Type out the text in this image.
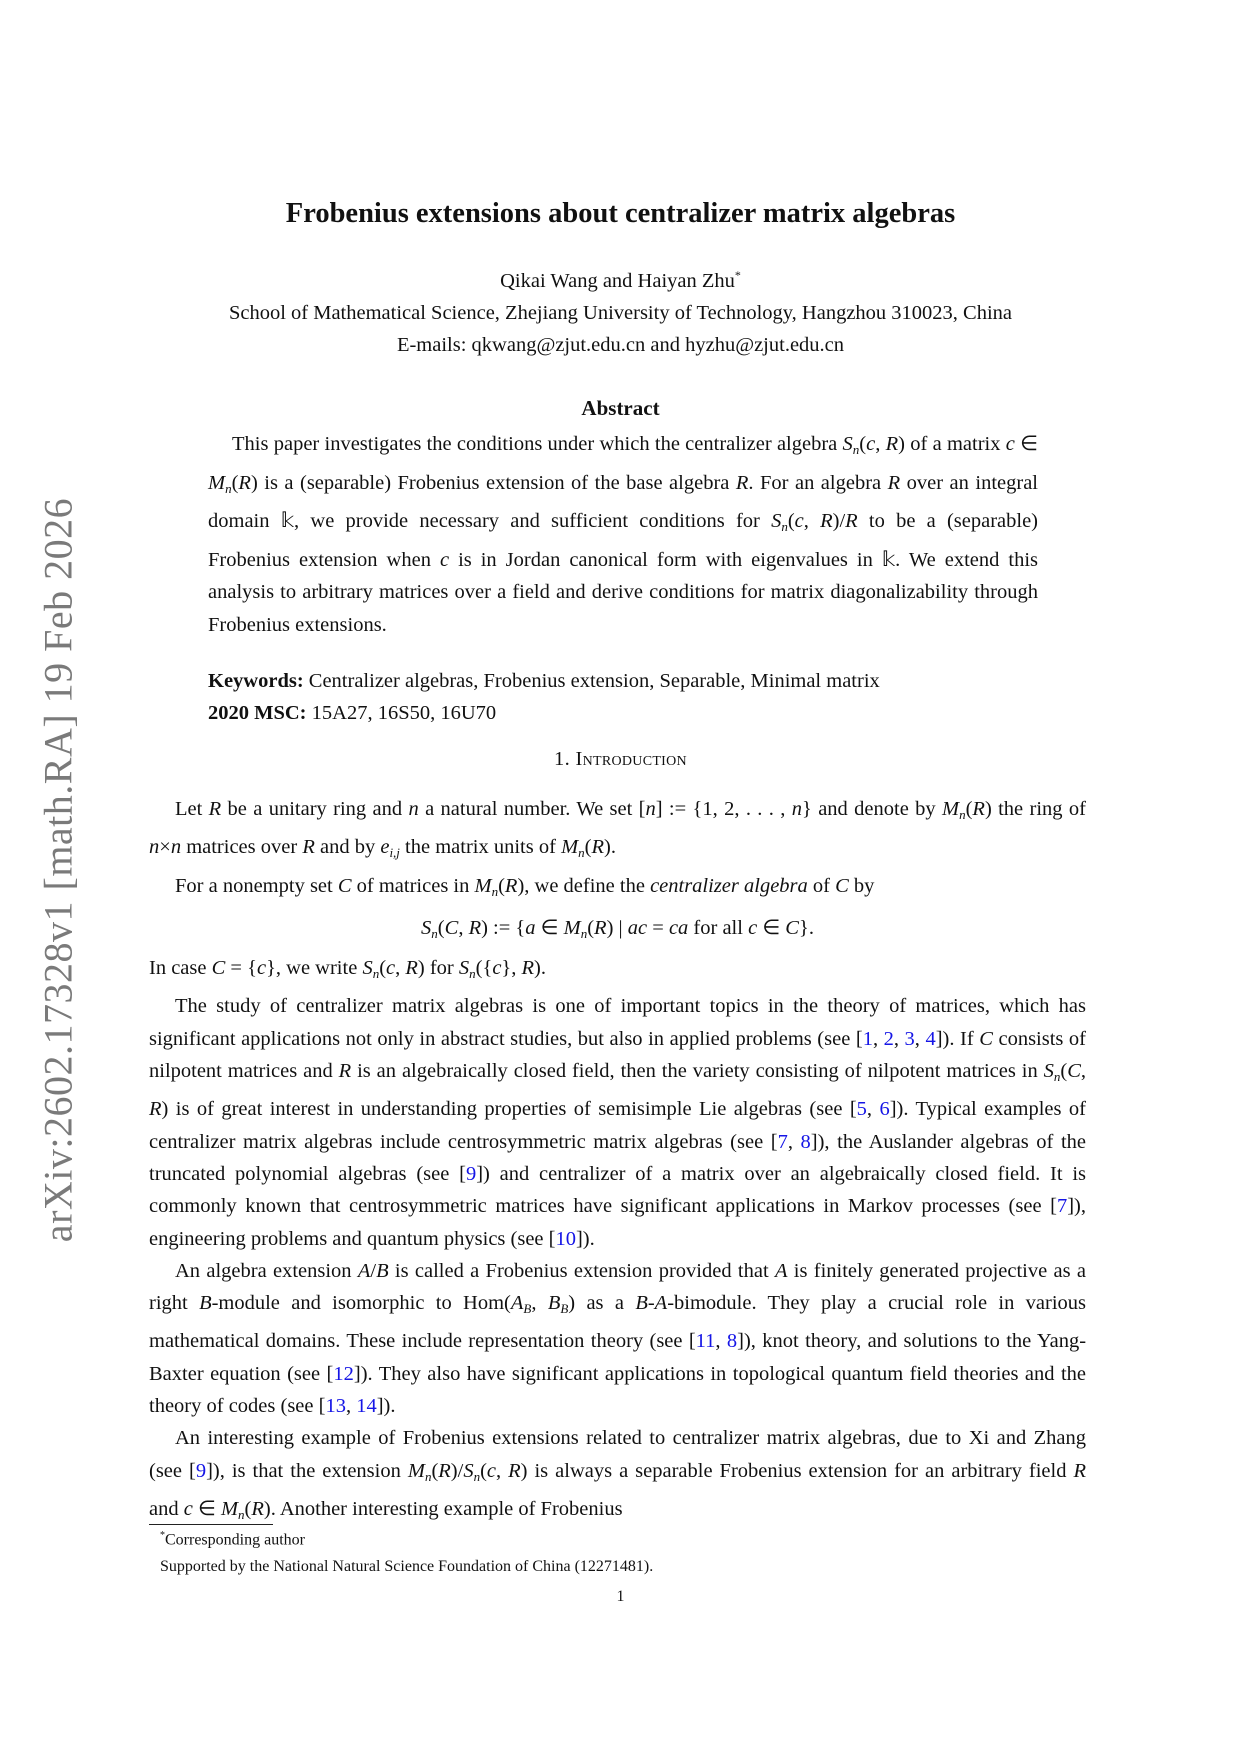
arXiv:2602.17328v1 [math.RA] 19 Feb 2026
Frobenius extensions about centralizer matrix algebras
Qikai Wang and Haiyan Zhu*
School of Mathematical Science, Zhejiang University of Technology, Hangzhou 310023, China
E-mails: qkwang@zjut.edu.cn and hyzhu@zjut.edu.cn
Abstract
This paper investigates the conditions under which the centralizer algebra $S_n(c$, R) of a matrix c ∈ $M_n(R)$ is a (separable) Frobenius extension of the base algebra R. For an algebra R over an integral domain 𝕜, we provide necessary and sufficient conditions for $S_n(c$, R)/R to be a (separable) Frobenius extension when c is in Jordan canonical form with eigenvalues in 𝕜. We extend this analysis to arbitrary matrices over a field and derive conditions for matrix diagonalizability through Frobenius extensions.
Keywords: Centralizer algebras, Frobenius extension, Separable, Minimal matrix
2020 MSC: 15A27, 16S50, 16U70
1. Introduction

Let R be a unitary ring and n a natural number. We set [n] := {1, 2, . . . , n} and denote by $M_n(R)$ the ring of n×n matrices over R and by $e_{i,j}$ the matrix units of $M_n(R)$.

For a nonempty set C of matrices in $M_n(R)$, we define the centralizer algebra of C by

$S_n(C$, R) := {a ∈ $M_n(R)$ | ac = ca for all c ∈ C}.

In case C = {c}, we write $S_n(c$, R) for $S_n(\{c\}$, R).

The study of centralizer matrix algebras is one of important topics in the theory of matrices, which has significant applications not only in abstract studies, but also in applied problems (see [1, 2, 3, 4]). If C consists of nilpotent matrices and R is an algebraically closed field, then the variety consisting of nilpotent matrices in $S_n(C$, R) is of great interest in understanding properties of semisimple Lie algebras (see [5, 6]). Typical examples of centralizer matrix algebras include centrosymmetric matrix algebras (see [7, 8]), the Auslander algebras of the truncated polynomial algebras (see [9]) and centralizer of a matrix over an algebraically closed field. It is commonly known that centrosymmetric matrices have significant applications in Markov processes (see [7]), engineering problems and quantum physics (see [10]).

An algebra extension A/B is called a Frobenius extension provided that A is finitely generated projective as a right B-module and isomorphic to $Hom(A_B$, $B_B$) as a B-A-bimodule. They play a crucial role in various mathematical domains. These include representation theory (see [11, 8]), knot theory, and solutions to the Yang-Baxter equation (see [12]). They also have significant applications in topological quantum field theories and the theory of codes (see [13, 14]).

An interesting example of Frobenius extensions related to centralizer matrix algebras, due to Xi and Zhang (see [9]), is that the extension $M_n(R)/S_n(c$, R) is always a separable Frobenius extension for an arbitrary field R and c ∈ $M_n(R)$. Another interesting example of Frobenius

*Corresponding author
Supported by the National Natural Science Foundation of China (12271481).
1
